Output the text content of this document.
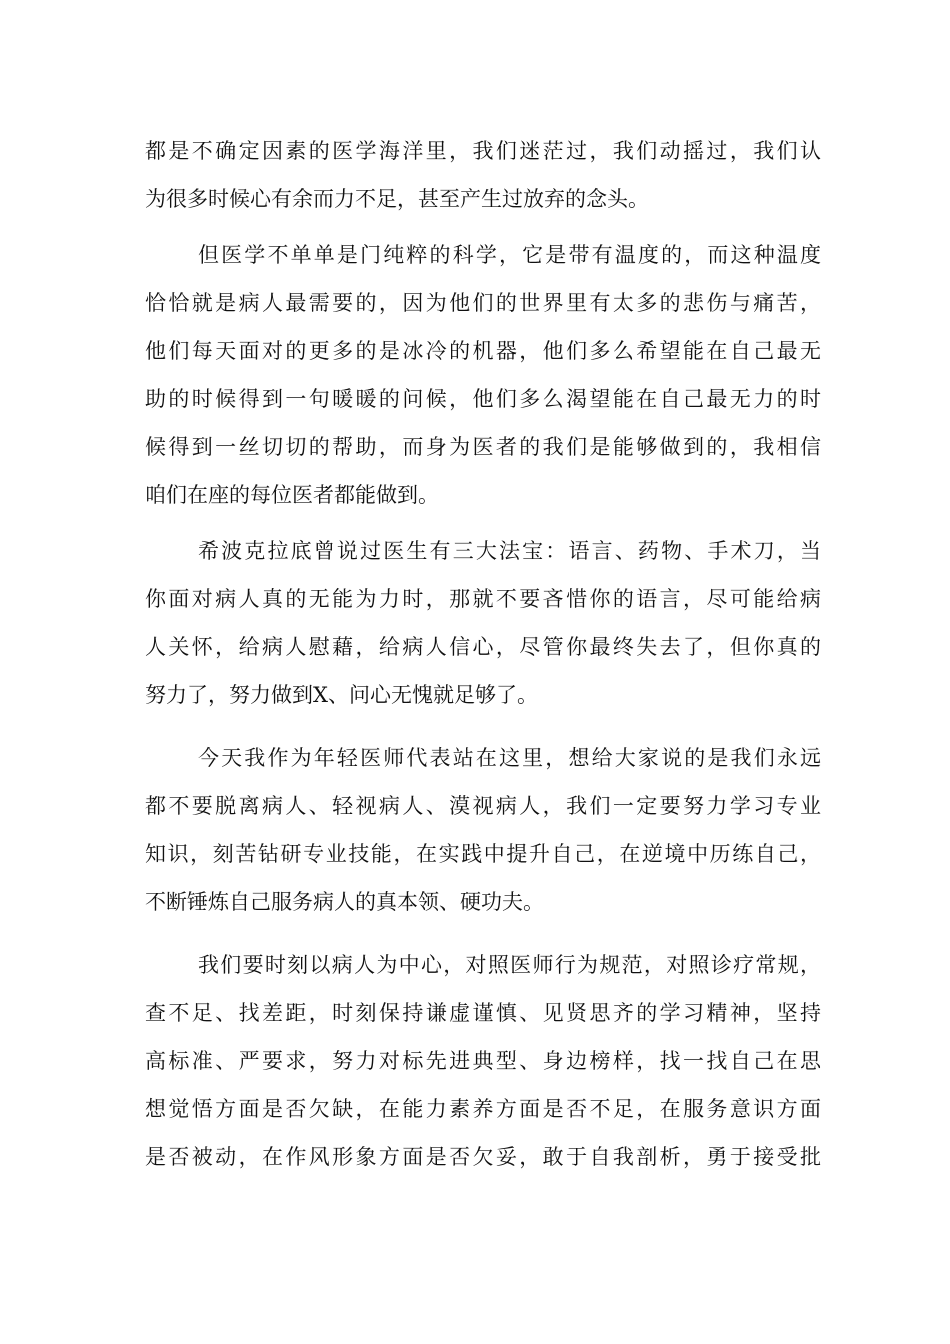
都是不确定因素的医学海洋里，我们迷茫过，我们动摇过，我们认
为很多时候心有余而力不足，甚至产生过放弃的念头。
但医学不单单是门纯粹的科学，它是带有温度的，而这种温度
恰恰就是病人最需要的，因为他们的世界里有太多的悲伤与痛苦，
他们每天面对的更多的是冰冷的机器，他们多么希望能在自己最无
助的时候得到一句暖暖的问候，他们多么渴望能在自己最无力的时
候得到一丝切切的帮助，而身为医者的我们是能够做到的，我相信
咱们在座的每位医者都能做到。
希波克拉底曾说过医生有三大法宝：语言、药物、手术刀，当
你面对病人真的无能为力时，那就不要吝惜你的语言，尽可能给病
人关怀，给病人慰藉，给病人信心，尽管你最终失去了，但你真的
努力了，努力做到X、问心无愧就足够了。
今天我作为年轻医师代表站在这里，想给大家说的是我们永远
都不要脱离病人、轻视病人、漠视病人，我们一定要努力学习专业
知识，刻苦钻研专业技能，在实践中提升自己，在逆境中历练自己，
不断锤炼自己服务病人的真本领、硬功夫。
我们要时刻以病人为中心，对照医师行为规范，对照诊疗常规，
查不足、找差距，时刻保持谦虚谨慎、见贤思齐的学习精神，坚持
高标准、严要求，努力对标先进典型、身边榜样，找一找自己在思
想觉悟方面是否欠缺，在能力素养方面是否不足，在服务意识方面
是否被动，在作风形象方面是否欠妥，敢于自我剖析，勇于接受批
